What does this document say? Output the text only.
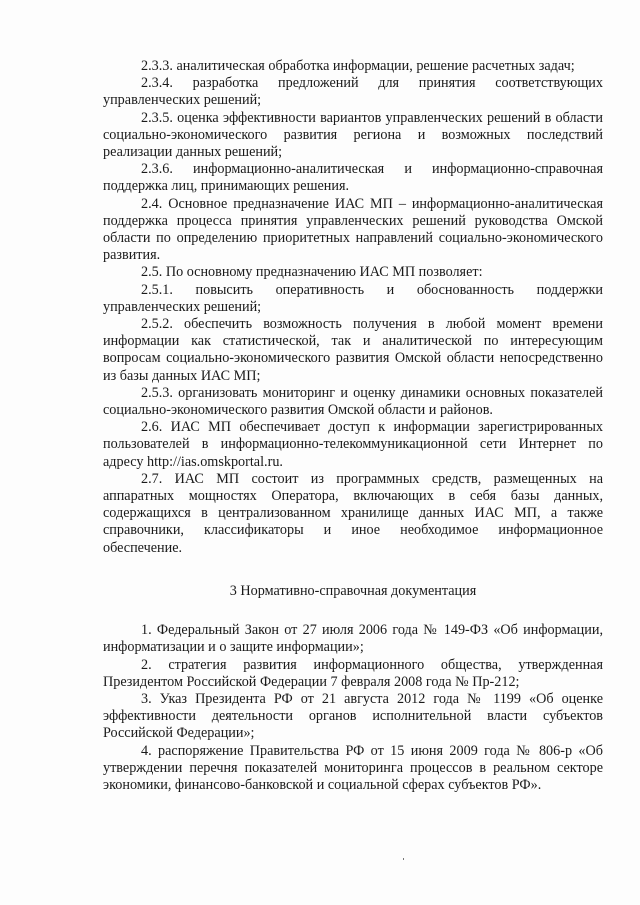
2.3.3. аналитическая обработка информации, решение расчетных задач;

2.3.4. разработка предложений для принятия соответствующих управленческих решений;

2.3.5. оценка эффективности вариантов управленческих решений в области социально-экономического развития региона и возможных последствий реализации данных решений;

2.3.6. информационно-аналитическая и информационно-справочная поддержка лиц, принимающих решения.

2.4. Основное предназначение ИАС МП – информационно-аналитическая поддержка процесса принятия управленческих решений руководства Омской области по определению приоритетных направлений социально-экономического развития.

2.5. По основному предназначению ИАС МП позволяет:

2.5.1. повысить оперативность и обоснованность поддержки управленческих решений;

2.5.2. обеспечить возможность получения в любой момент времени информации как статистической, так и аналитической по интересующим вопросам социально-экономического развития Омской области непосредственно из базы данных ИАС МП;

2.5.3. организовать мониторинг и оценку динамики основных показателей социально-экономического развития Омской области и районов.

2.6. ИАС МП обеспечивает доступ к информации зарегистрированных пользователей в информационно-телекоммуникационной сети Интернет по адресу http://ias.omskportal.ru.

2.7. ИАС МП состоит из программных средств, размещенных на аппаратных мощностях Оператора, включающих в себя базы данных, содержащихся в централизованном хранилище данных ИАС МП, а также справочники, классификаторы и иное необходимое информационное обеспечение.

3 Нормативно-справочная документация

1. Федеральный Закон от 27 июля 2006 года № 149-ФЗ «Об информации, информатизации и о защите информации»;

2. стратегия развития информационного общества, утвержденная Президентом Российской Федерации 7 февраля 2008 года № Пр-212;

3. Указ Президента РФ от 21 августа 2012 года № 1199 «Об оценке эффективности деятельности органов исполнительной власти субъектов Российской Федерации»;

4. распоряжение Правительства РФ от 15 июня 2009 года № 806-р «Об утверждении перечня показателей мониторинга процессов в реальном секторе экономики, финансово-банковской и социальной сферах субъектов РФ».
